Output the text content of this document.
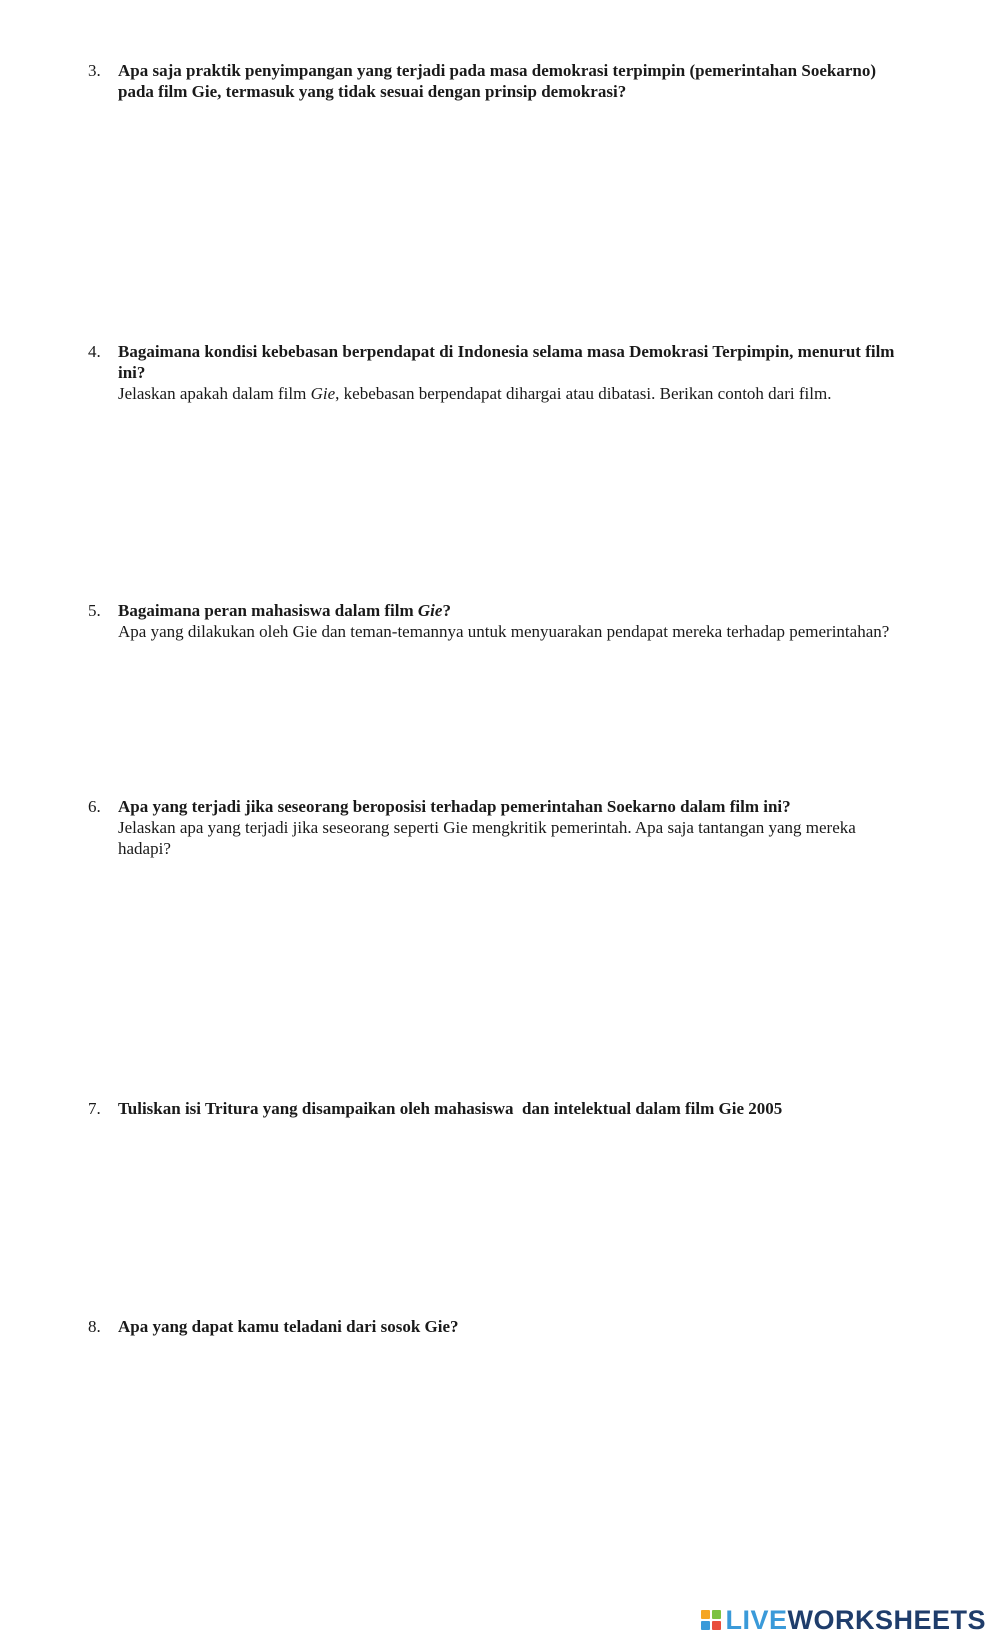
3.	Apa saja praktik penyimpangan yang terjadi pada masa demokrasi terpimpin (pemerintahan Soekarno)
pada film Gie, termasuk yang tidak sesuai dengan prinsip demokrasi?
4.	Bagaimana kondisi kebebasan berpendapat di Indonesia selama masa Demokrasi Terpimpin, menurut film
ini?
Jelaskan apakah dalam film Gie, kebebasan berpendapat dihargai atau dibatasi. Berikan contoh dari film.
5.	Bagaimana peran mahasiswa dalam film Gie?
Apa yang dilakukan oleh Gie dan teman-temannya untuk menyuarakan pendapat mereka terhadap pemerintahan?
6.	Apa yang terjadi jika seseorang beroposisi terhadap pemerintahan Soekarno dalam film ini?
Jelaskan apa yang terjadi jika seseorang seperti Gie mengkritik pemerintah. Apa saja tantangan yang mereka
hadapi?
7.	Tuliskan isi Tritura yang disampaikan oleh mahasiswa  dan intelektual dalam film Gie 2005
8.	Apa yang dapat kamu teladani dari sosok Gie?
LIVEWORKSHEETS
